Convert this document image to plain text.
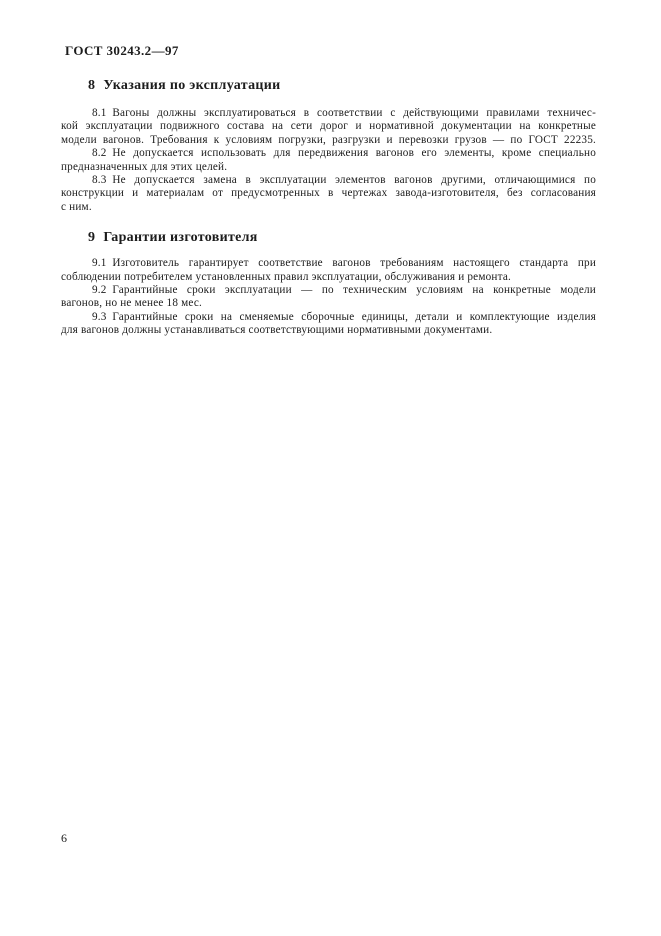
ГОСТ 30243.2—97
8 Указания по эксплуатации
8.1 Вагоны должны эксплуатироваться в соответствии с действующими правилами техничес-
кой эксплуатации подвижного состава на сети дорог и нормативной документации на конкретные
модели вагонов. Требования к условиям погрузки, разгрузки и перевозки грузов — по ГОСТ 22235.
8.2 Не допускается использовать для передвижения вагонов его элементы, кроме специально
предназначенных для этих целей.
8.3 Не допускается замена в эксплуатации элементов вагонов другими, отличающимися по
конструкции и материалам от предусмотренных в чертежах завода-изготовителя, без согласования
с ним.
9 Гарантии изготовителя
9.1 Изготовитель гарантирует соответствие вагонов требованиям настоящего стандарта при
соблюдении потребителем установленных правил эксплуатации, обслуживания и ремонта.
9.2 Гарантийные сроки эксплуатации — по техническим условиям на конкретные модели
вагонов, но не менее 18 мес.
9.3 Гарантийные сроки на сменяемые сборочные единицы, детали и комплектующие изделия
для вагонов должны устанавливаться соответствующими нормативными документами.
6
